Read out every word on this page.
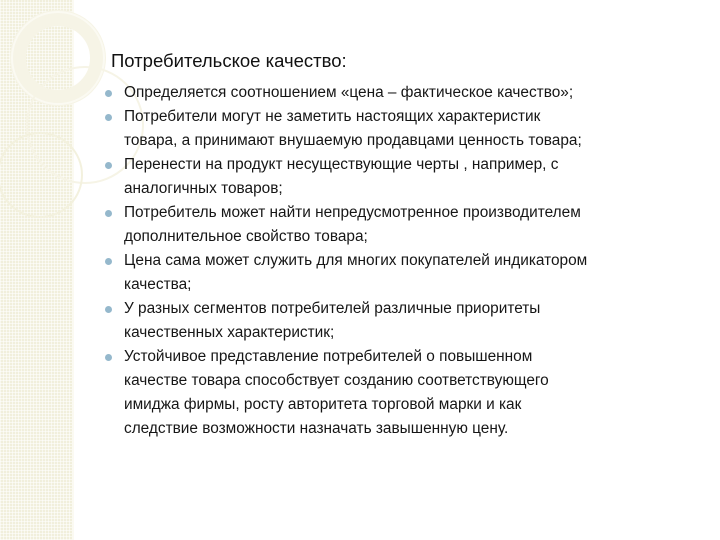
Потребительское качество:
Определяется соотношением «цена – фактическое качество»;
Потребители могут не заметить настоящих характеристик
товара, а принимают внушаемую продавцами ценность товара;
Перенести на продукт несуществующие черты , например, с
аналогичных товаров;
Потребитель может найти непредусмотренное производителем
дополнительное свойство товара;
Цена сама может служить для многих покупателей индикатором
качества;
У разных сегментов потребителей различные приоритеты
качественных характеристик;
Устойчивое представление потребителей о повышенном
качестве товара способствует созданию соответствующего
имиджа фирмы, росту авторитета торговой марки и как
следствие возможности назначать завышенную цену.
